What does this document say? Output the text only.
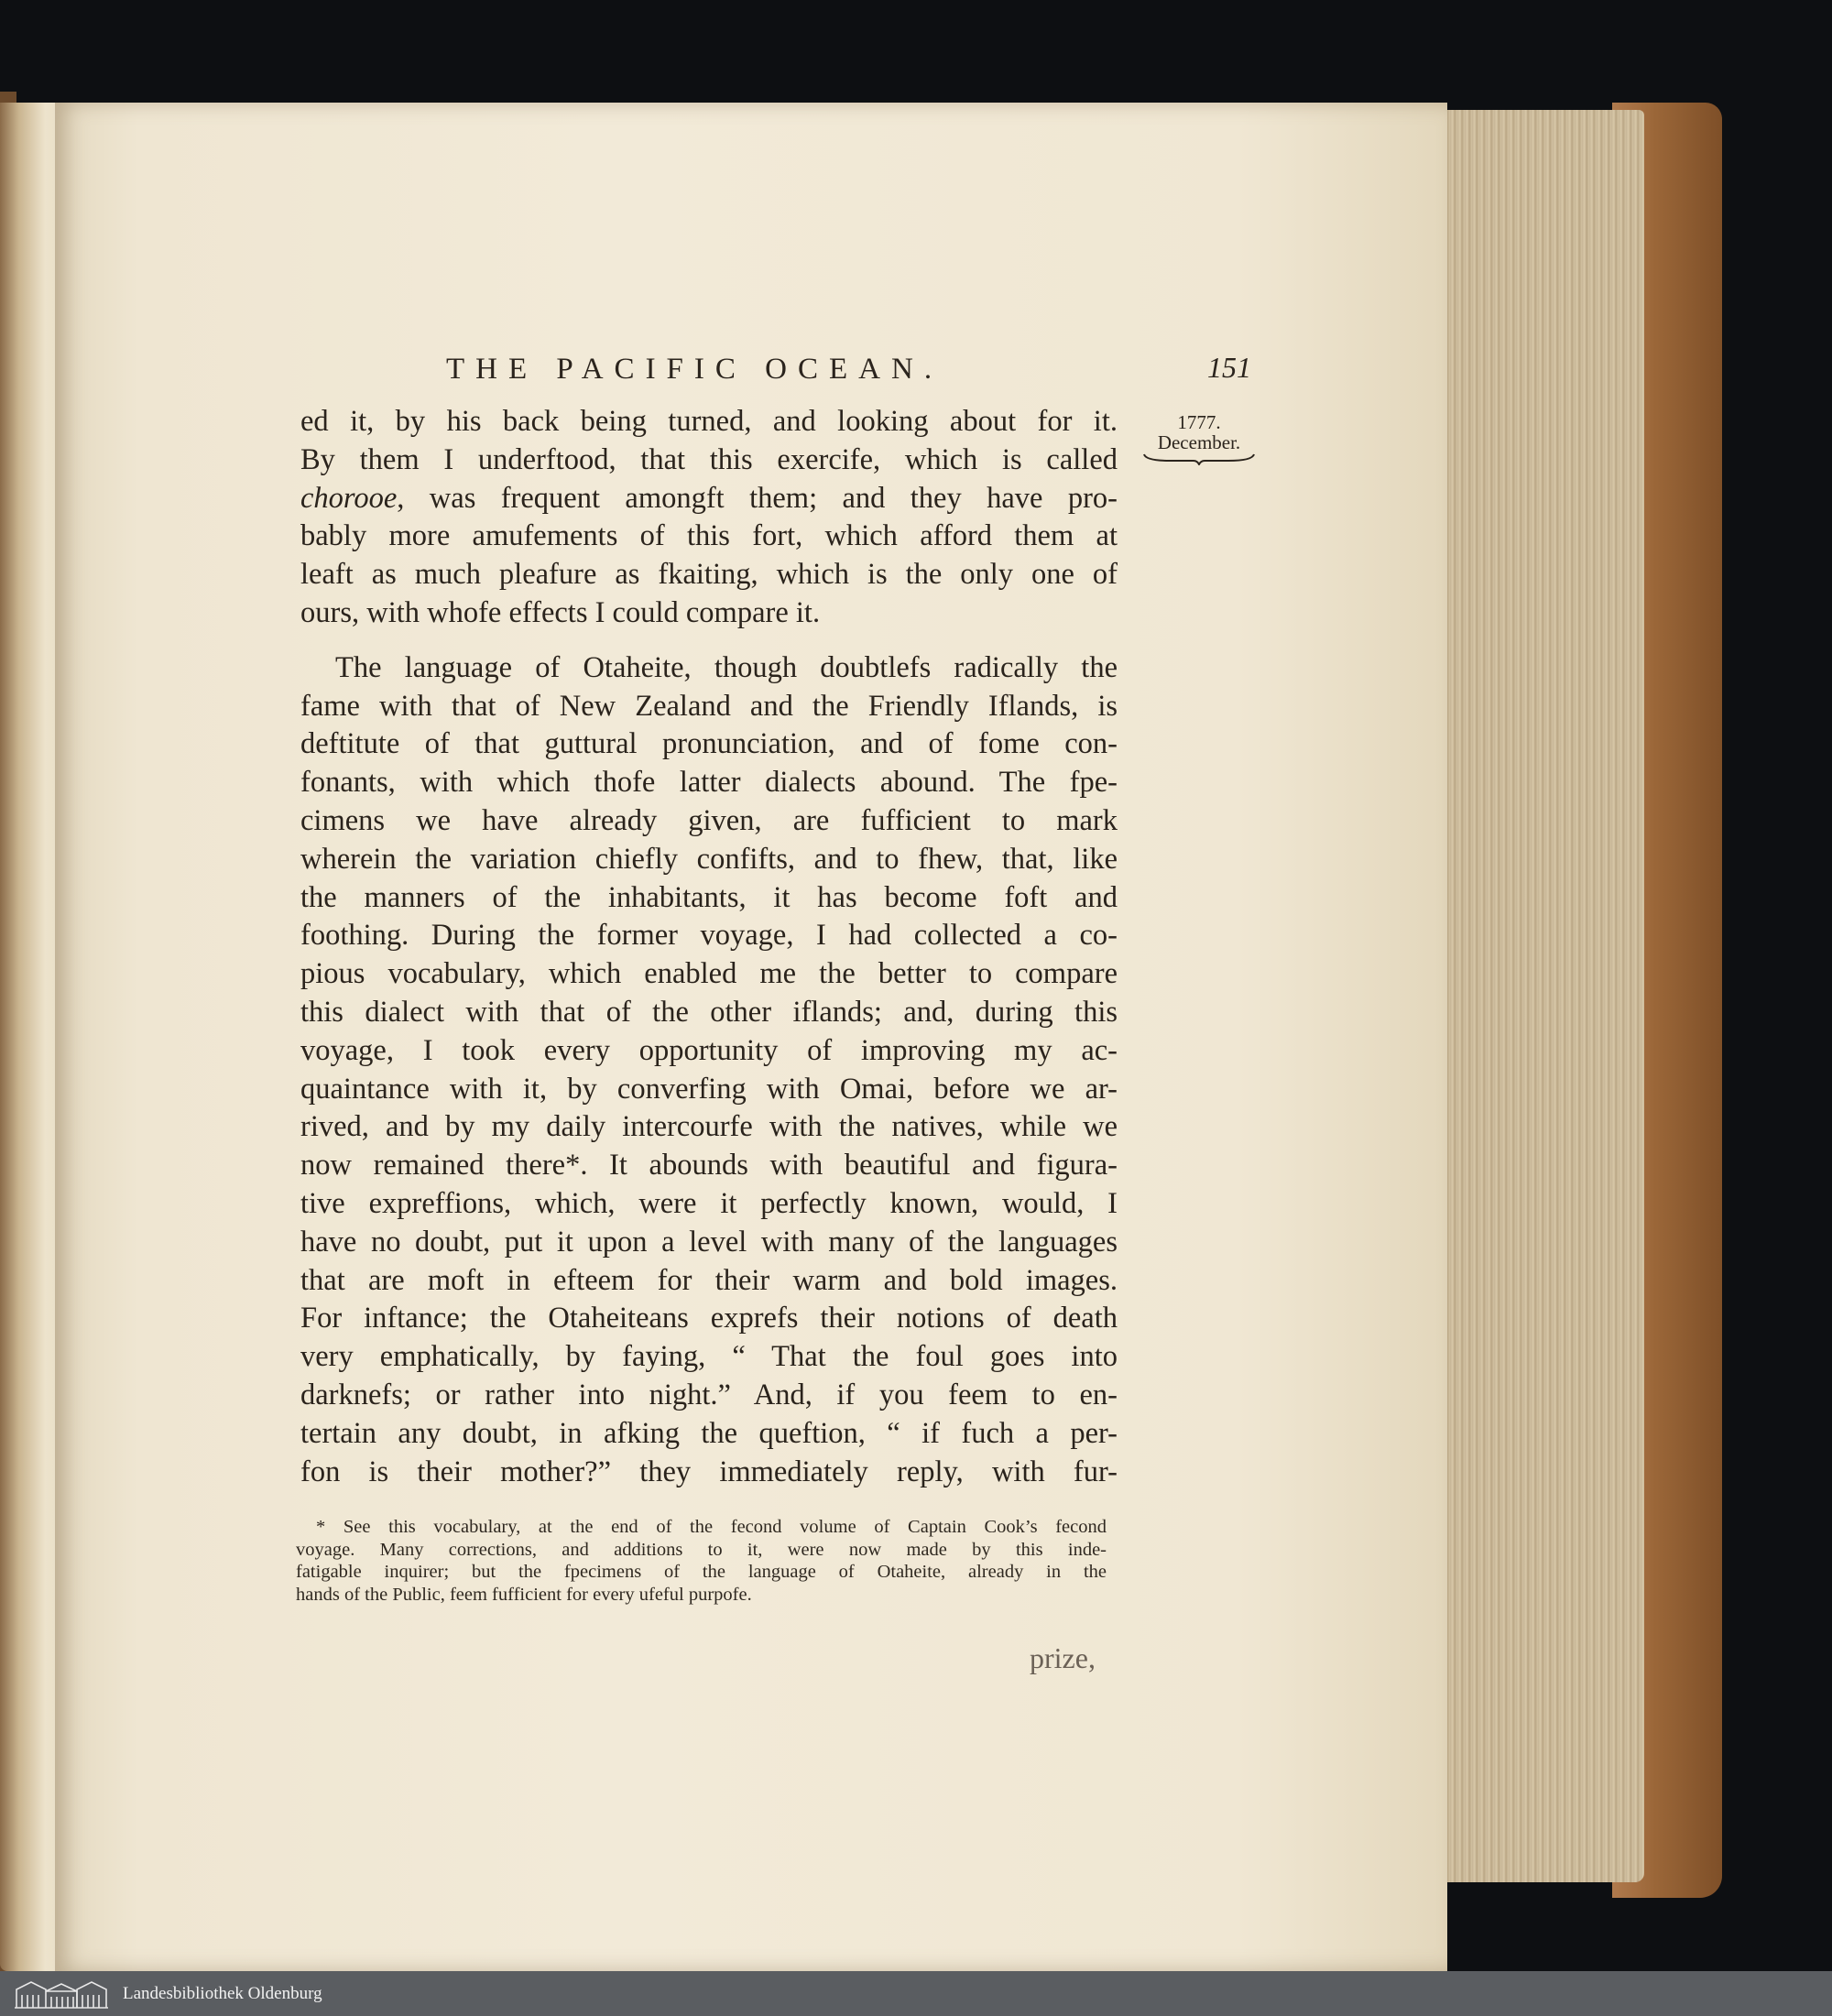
THE PACIFIC OCEAN.	151
1777.
December.
ed it, by his back being turned, and looking about for it.
By them I underftood, that this exercife, which is called
chorooe, was frequent amongft them; and they have pro-
bably more amufements of this fort, which afford them at
leaft as much pleafure as fkaiting, which is the only one of
ours, with whofe effects I could compare it.
The language of Otaheite, though doubtlefs radically the
fame with that of New Zealand and the Friendly Iflands, is
deftitute of that guttural pronunciation, and of fome con-
fonants, with which thofe latter dialects abound. The fpe-
cimens we have already given, are fufficient to mark
wherein the variation chiefly confifts, and to fhew, that, like
the manners of the inhabitants, it has become foft and
foothing. During the former voyage, I had collected a co-
pious vocabulary, which enabled me the better to compare
this dialect with that of the other iflands; and, during this
voyage, I took every opportunity of improving my ac-
quaintance with it, by converfing with Omai, before we ar-
rived, and by my daily intercourfe with the natives, while we
now remained there*. It abounds with beautiful and figura-
tive expreffions, which, were it perfectly known, would, I
have no doubt, put it upon a level with many of the languages
that are moft in efteem for their warm and bold images.
For inftance; the Otaheiteans exprefs their notions of death
very emphatically, by faying, “ That the foul goes into
darknefs; or rather into night.” And, if you feem to en-
tertain any doubt, in afking the queftion, “ if fuch a per-
fon is their mother?” they immediately reply, with fur-
* See this vocabulary, at the end of the fecond volume of Captain Cook’s fecond
voyage. Many corrections, and additions to it, were now made by this inde-
fatigable inquirer; but the fpecimens of the language of Otaheite, already in the
hands of the Public, feem fufficient for every ufeful purpofe.
prize,
Landesbibliothek Oldenburg
